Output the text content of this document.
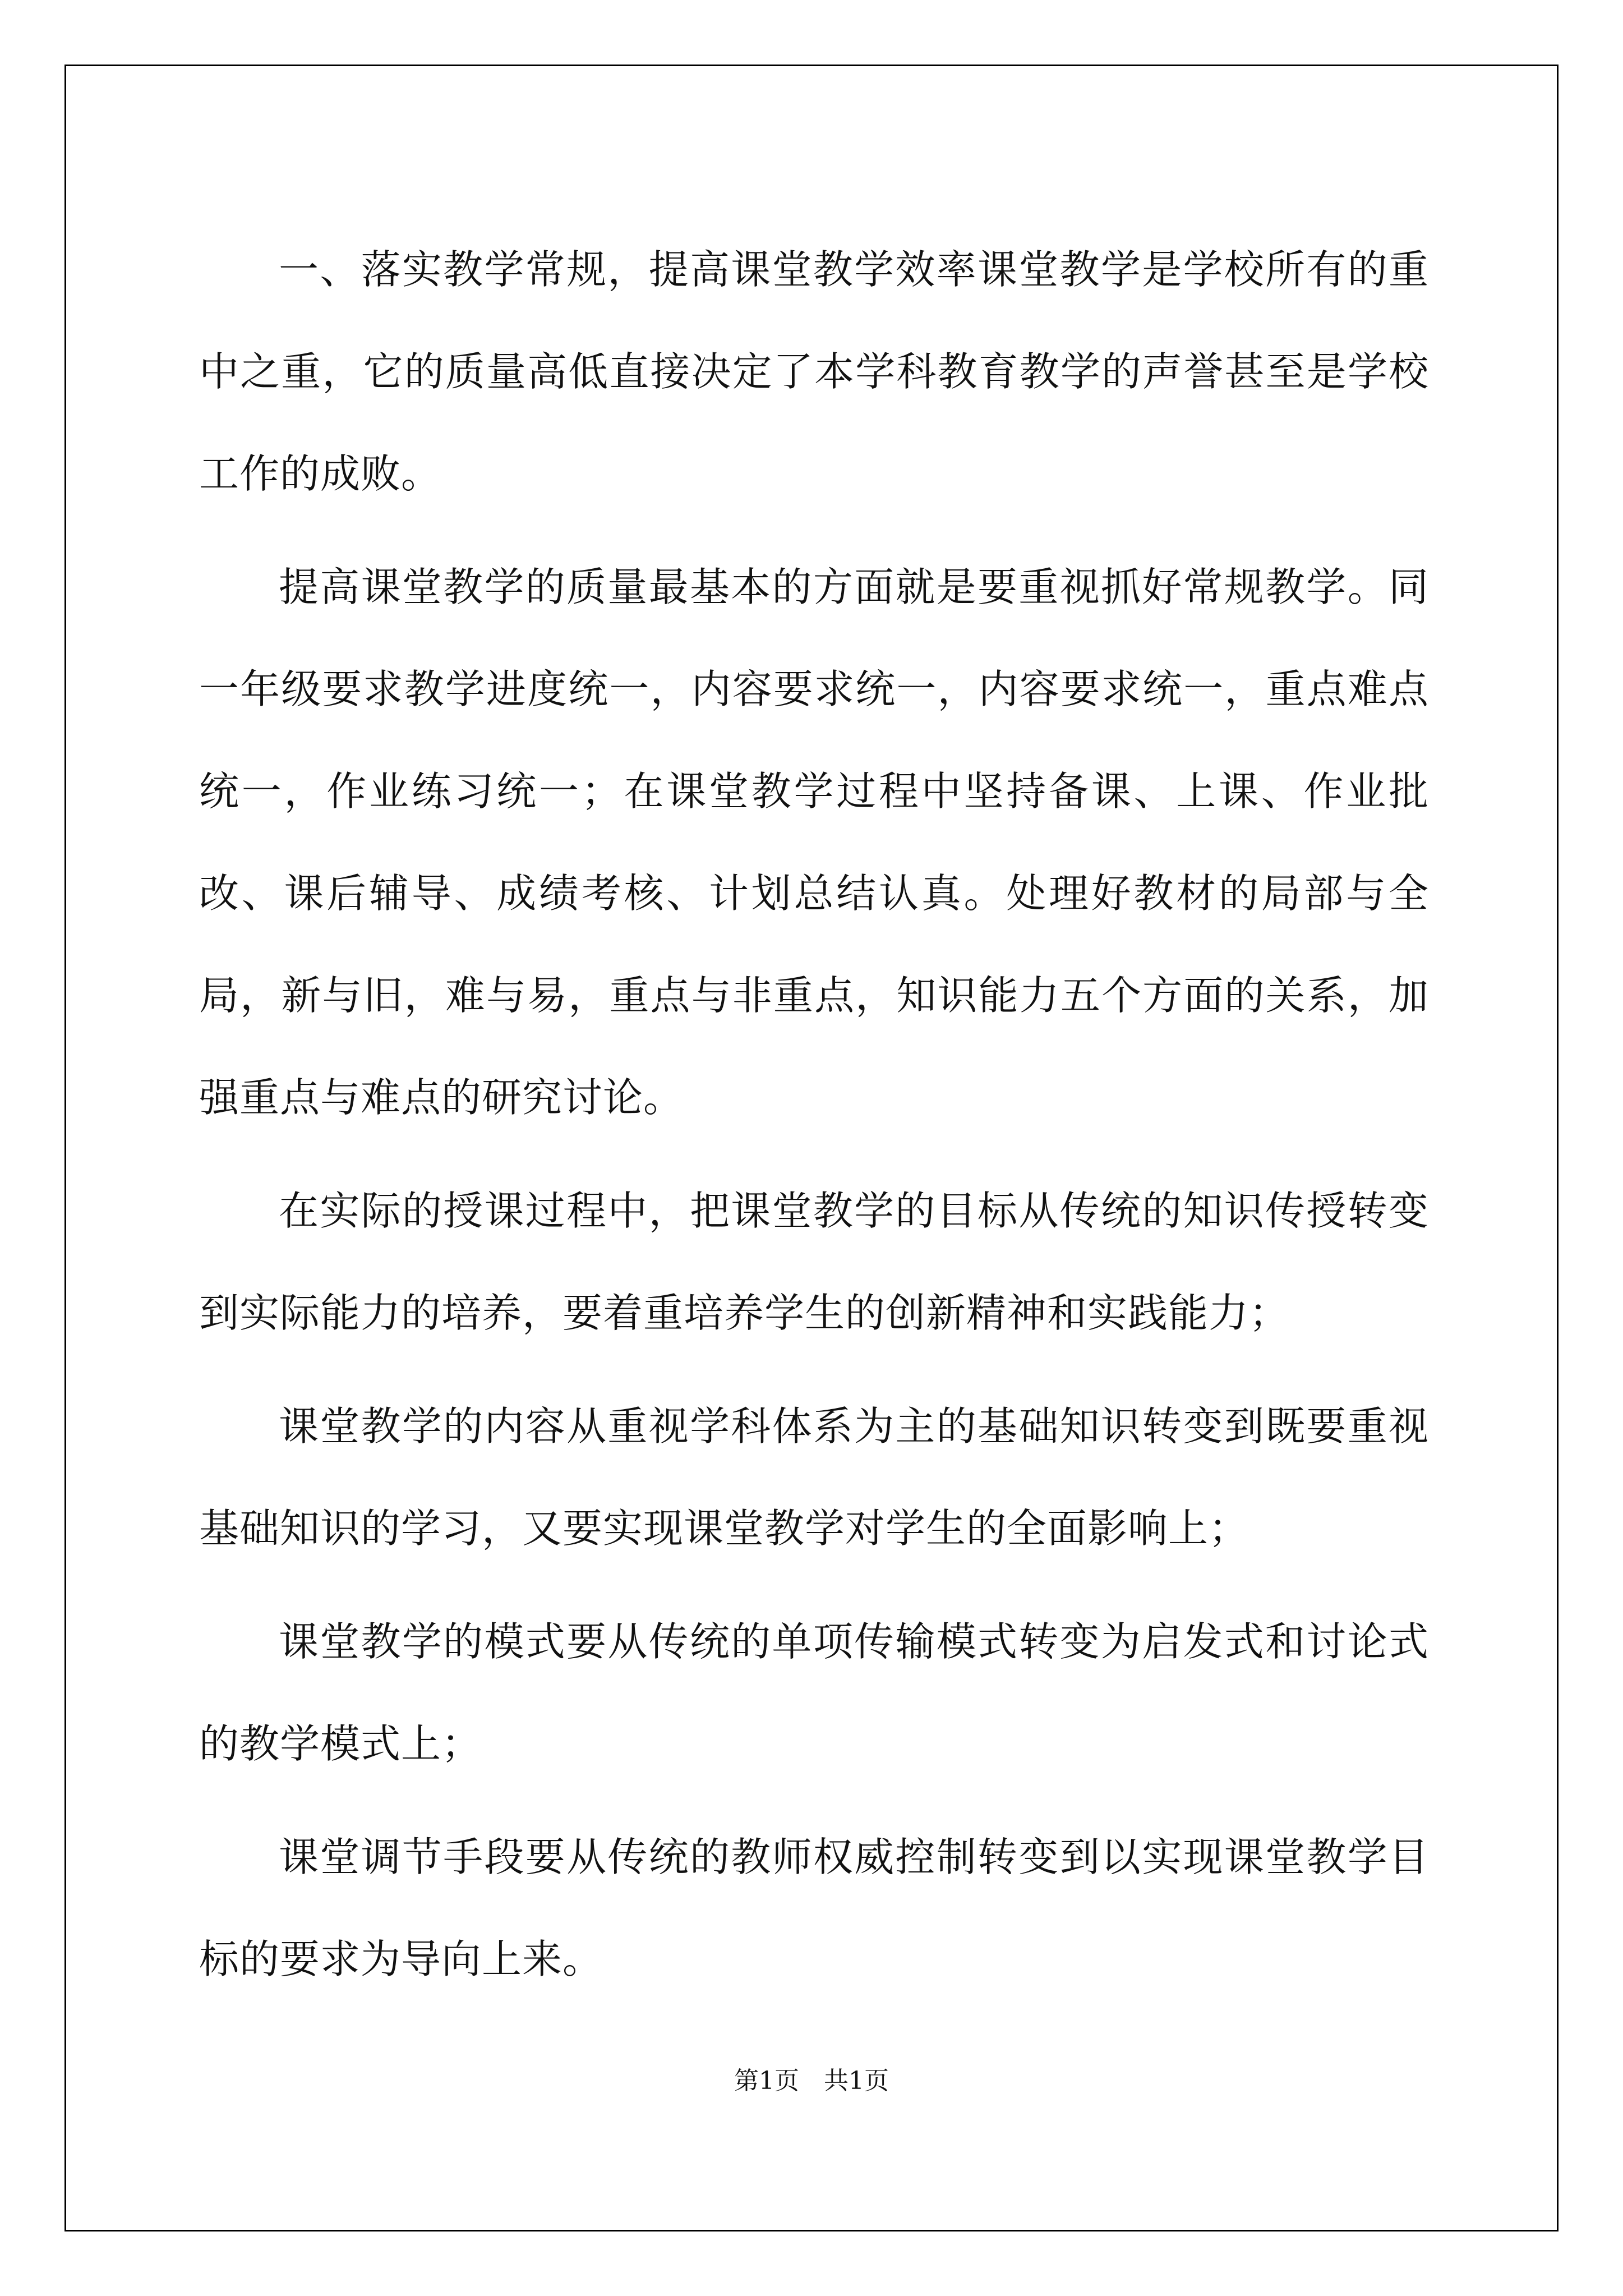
一、落实教学常规，提高课堂教学效率课堂教学是学校所有的重中之重，它的质量高低直接决定了本学科教育教学的声誉甚至是学校工作的成败。

提高课堂教学的质量最基本的方面就是要重视抓好常规教学。同一年级要求教学进度统一，内容要求统一，内容要求统一，重点难点统一，作业练习统一；在课堂教学过程中坚持备课、上课、作业批改、课后辅导、成绩考核、计划总结认真。处理好教材的局部与全局，新与旧，难与易，重点与非重点，知识能力五个方面的关系，加强重点与难点的研究讨论。

在实际的授课过程中，把课堂教学的目标从传统的知识传授转变到实际能力的培养，要着重培养学生的创新精神和实践能力；

课堂教学的内容从重视学科体系为主的基础知识转变到既要重视基础知识的学习，又要实现课堂教学对学生的全面影响上；

课堂教学的模式要从传统的单项传输模式转变为启发式和讨论式的教学模式上；

课堂调节手段要从传统的教师权威控制转变到以实现课堂教学目标的要求为导向上来。

第1页　共1页
